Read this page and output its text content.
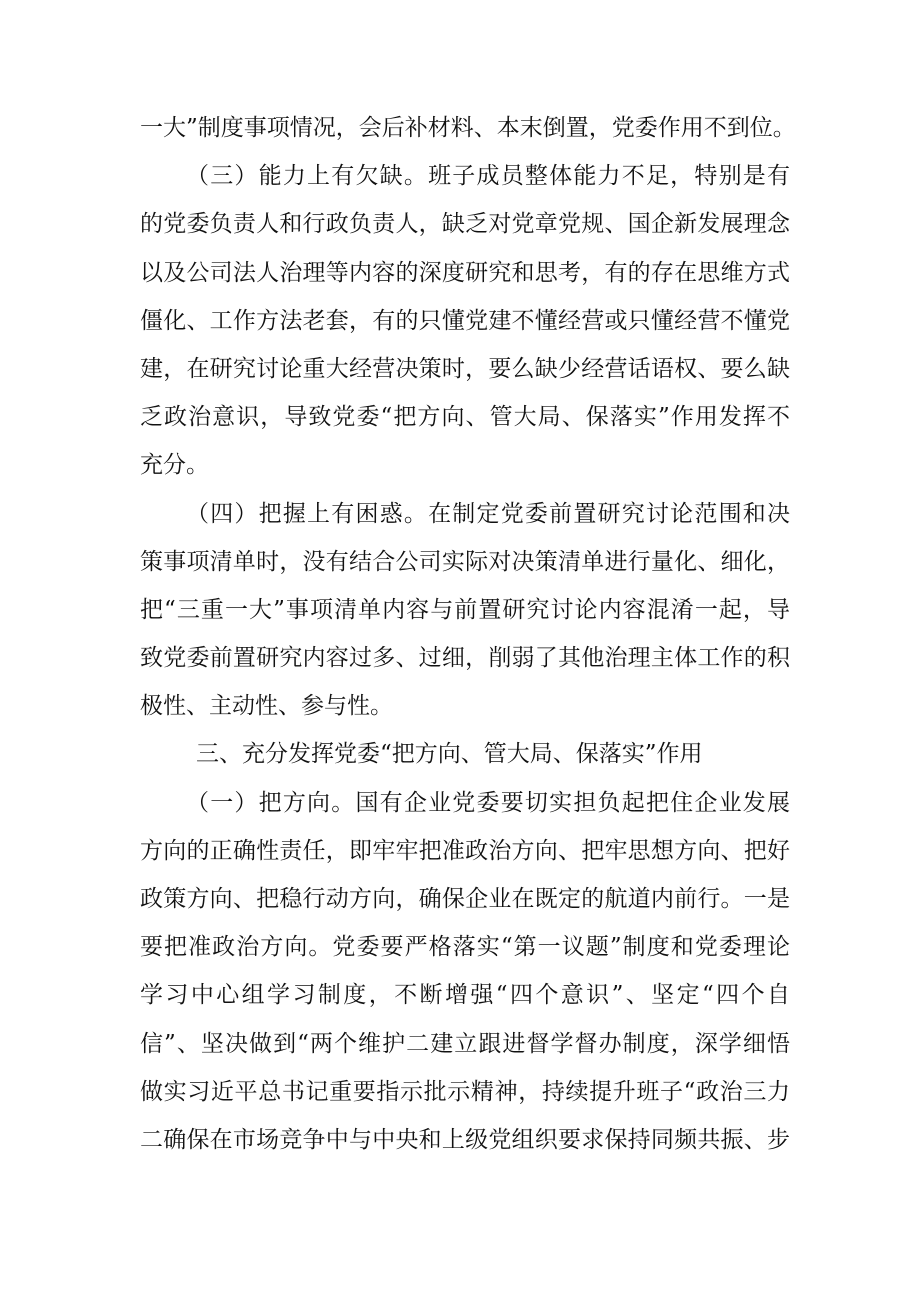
一大”制度事项情况，会后补材料、本末倒置，党委作用不到位。
（三）能力上有欠缺。班子成员整体能力不足，特别是有
的党委负责人和行政负责人，缺乏对党章党规、国企新发展理念
以及公司法人治理等内容的深度研究和思考，有的存在思维方式
僵化、工作方法老套，有的只懂党建不懂经营或只懂经营不懂党
建，在研究讨论重大经营决策时，要么缺少经营话语权、要么缺
乏政治意识，导致党委“把方向、管大局、保落实”作用发挥不
充分。
（四）把握上有困惑。在制定党委前置研究讨论范围和决
策事项清单时，没有结合公司实际对决策清单进行量化、细化，
把“三重一大”事项清单内容与前置研究讨论内容混淆一起，导
致党委前置研究内容过多、过细，削弱了其他治理主体工作的积
极性、主动性、参与性。
三、充分发挥党委“把方向、管大局、保落实”作用
（一）把方向。国有企业党委要切实担负起把住企业发展
方向的正确性责任，即牢牢把准政治方向、把牢思想方向、把好
政策方向、把稳行动方向，确保企业在既定的航道内前行。一是
要把准政治方向。党委要严格落实“第一议题”制度和党委理论
学习中心组学习制度，不断增强“四个意识”、坚定“四个自
信”、坚决做到“两个维护二建立跟进督学督办制度，深学细悟
做实习近平总书记重要指示批示精神，持续提升班子“政治三力
二确保在市场竞争中与中央和上级党组织要求保持同频共振、步
